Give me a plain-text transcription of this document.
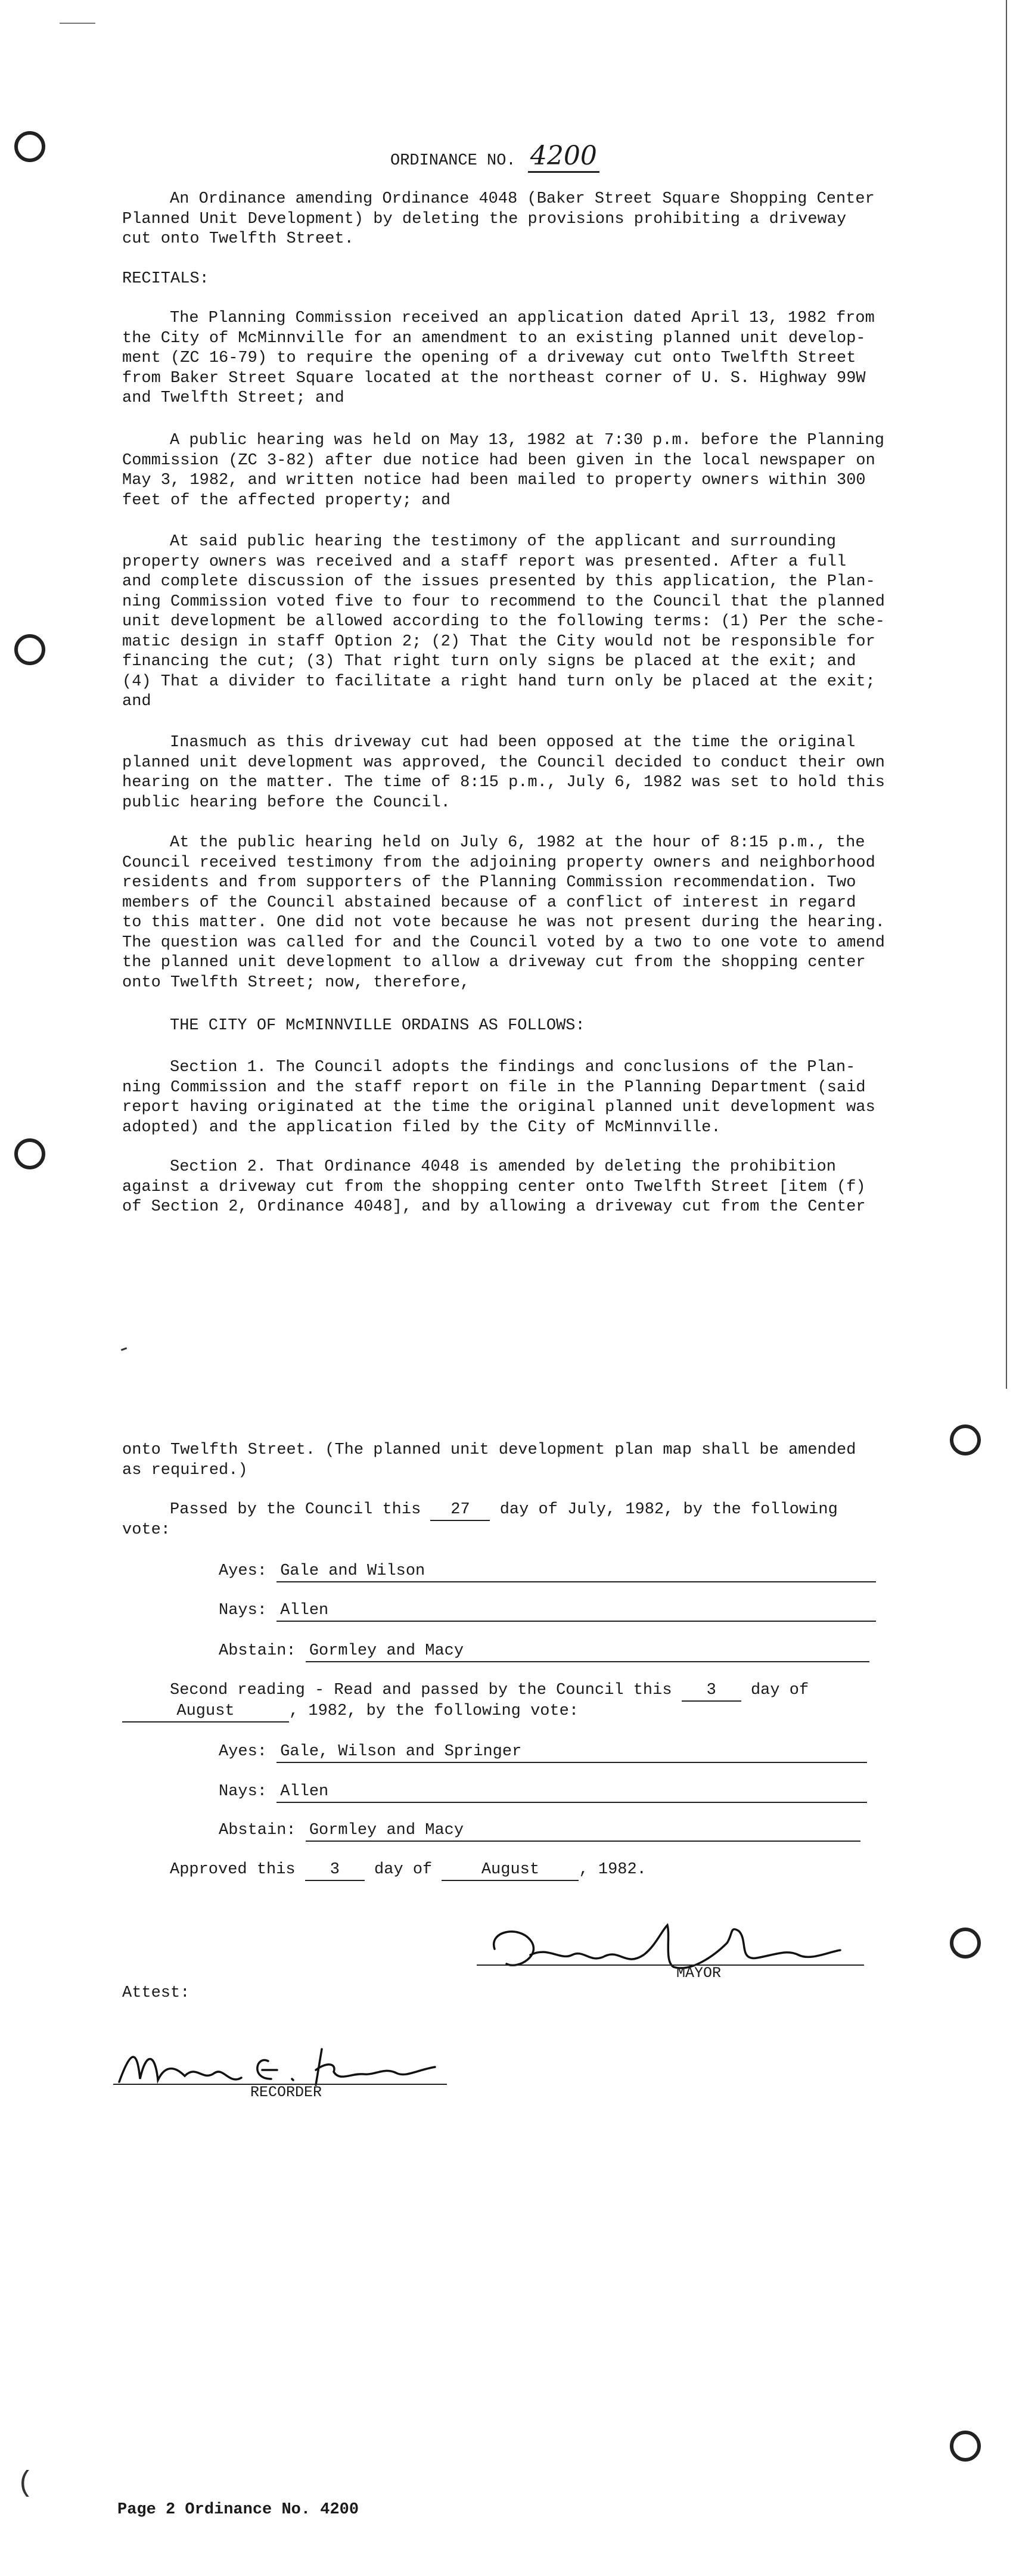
ORDINANCE NO. 4200
An Ordinance amending Ordinance 4048 (Baker Street Square Shopping Center
Planned Unit Development) by deleting the provisions prohibiting a driveway
cut onto Twelfth Street.
RECITALS:
The Planning Commission received an application dated April 13, 1982 from
the City of McMinnville for an amendment to an existing planned unit develop-
ment (ZC 16-79) to require the opening of a driveway cut onto Twelfth Street
from Baker Street Square located at the northeast corner of U. S. Highway 99W
and Twelfth Street; and
A public hearing was held on May 13, 1982 at 7:30 p.m. before the Planning
Commission (ZC 3-82) after due notice had been given in the local newspaper on
May 3, 1982, and written notice had been mailed to property owners within 300
feet of the affected property; and
At said public hearing the testimony of the applicant and surrounding
property owners was received and a staff report was presented. After a full
and complete discussion of the issues presented by this application, the Plan-
ning Commission voted five to four to recommend to the Council that the planned
unit development be allowed according to the following terms: (1) Per the sche-
matic design in staff Option 2; (2) That the City would not be responsible for
financing the cut; (3) That right turn only signs be placed at the exit; and
(4) That a divider to facilitate a right hand turn only be placed at the exit;
and
Inasmuch as this driveway cut had been opposed at the time the original
planned unit development was approved, the Council decided to conduct their own
hearing on the matter. The time of 8:15 p.m., July 6, 1982 was set to hold this
public hearing before the Council.
At the public hearing held on July 6, 1982 at the hour of 8:15 p.m., the
Council received testimony from the adjoining property owners and neighborhood
residents and from supporters of the Planning Commission recommendation. Two
members of the Council abstained because of a conflict of interest in regard
to this matter. One did not vote because he was not present during the hearing.
The question was called for and the Council voted by a two to one vote to amend
the planned unit development to allow a driveway cut from the shopping center
onto Twelfth Street; now, therefore,
THE CITY OF McMINNVILLE ORDAINS AS FOLLOWS:
Section 1. The Council adopts the findings and conclusions of the Plan-
ning Commission and the staff report on file in the Planning Department (said
report having originated at the time the original planned unit development was
adopted) and the application filed by the City of McMinnville.
Section 2. That Ordinance 4048 is amended by deleting the prohibition
against a driveway cut from the shopping center onto Twelfth Street [item (f)
of Section 2, Ordinance 4048], and by allowing a driveway cut from the Center
onto Twelfth Street. (The planned unit development plan map shall be amended
as required.)
Passed by the Council this 27 day of July, 1982, by the following
vote:
Ayes: Gale and Wilson
Nays: Allen
Abstain: Gormley and Macy
Second reading - Read and passed by the Council this 3 day of
August	, 1982, by the following vote:
Ayes: Gale, Wilson and Springer
Nays: Allen
Abstain: Gormley and Macy
Approved this 3 day of	August , 1982.
MAYOR
Attest:
RECORDER
(
Page 2 Ordinance No. 4200
